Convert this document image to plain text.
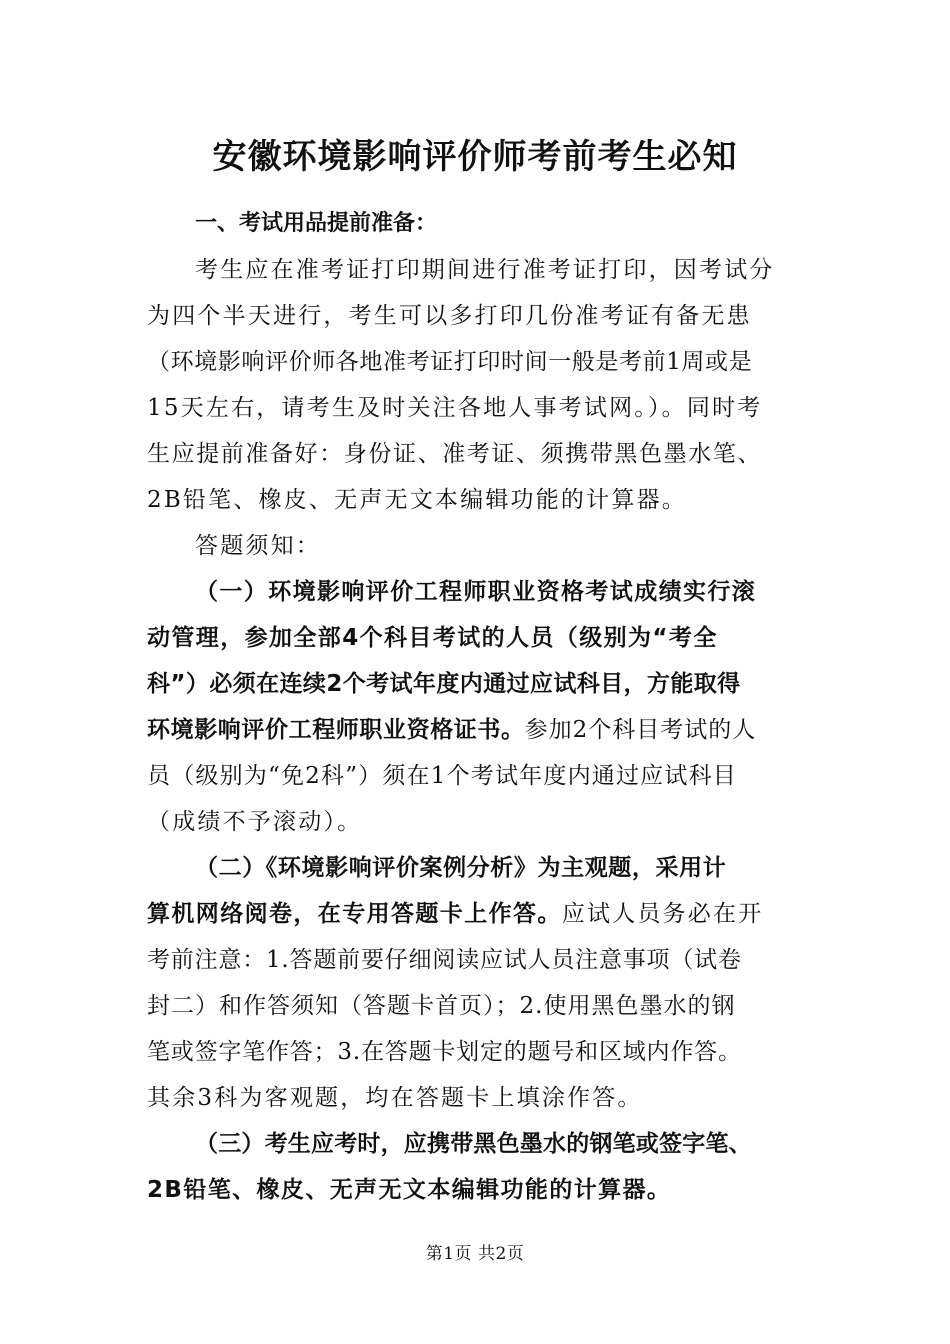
安徽环境影响评价师考前考生必知
一、考试用品提前准备：
考生应在准考证打印期间进行准考证打印，因考试分
为四个半天进行，考生可以多打印几份准考证有备无患
（环境影响评价师各地准考证打印时间一般是考前1周或是
15天左右，请考生及时关注各地人事考试网。）。同时考
生应提前准备好：身份证、准考证、须携带黑色墨水笔、
2B铅笔、橡皮、无声无文本编辑功能的计算器。
答题须知：
（一）环境影响评价工程师职业资格考试成绩实行滚
动管理，参加全部4个科目考试的人员（级别为“考全
科”）必须在连续2个考试年度内通过应试科目，方能取得
环境影响评价工程师职业资格证书。参加2个科目考试的人
员（级别为“免2科”）须在1个考试年度内通过应试科目
（成绩不予滚动）。
（二）《环境影响评价案例分析》为主观题，采用计
算机网络阅卷，在专用答题卡上作答。应试人员务必在开
考前注意：1.答题前要仔细阅读应试人员注意事项（试卷
封二）和作答须知（答题卡首页）；2.使用黑色墨水的钢
笔或签字笔作答；3.在答题卡划定的题号和区域内作答。
其余3科为客观题，均在答题卡上填涂作答。
（三）考生应考时，应携带黑色墨水的钢笔或签字笔、
2B铅笔、橡皮、无声无文本编辑功能的计算器。
第1页 共2页
